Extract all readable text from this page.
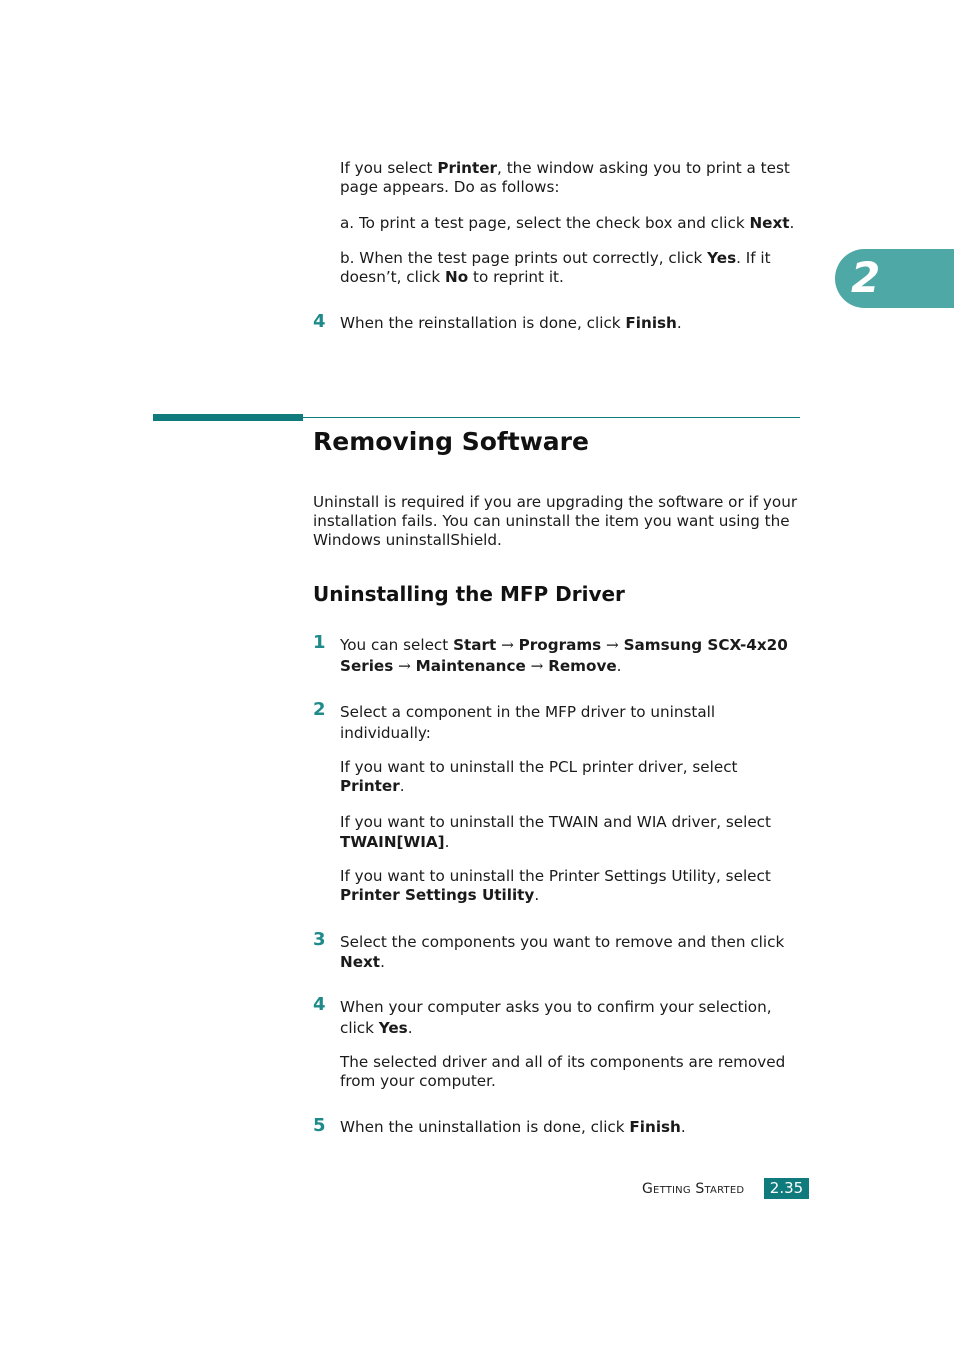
2

If you select Printer, the window asking you to print a test page appears. Do as follows:

a. To print a test page, select the check box and click Next.

b. When the test page prints out correctly, click Yes. If it doesn’t, click No to reprint it.

4 When the reinstallation is done, click Finish.

Removing Software

Uninstall is required if you are upgrading the software or if your installation fails. You can uninstall the item you want using the Windows uninstallShield.

Uninstalling the MFP Driver
1 You can select Start → Programs → Samsung SCX-4x20 Series → Maintenance → Remove.

2 Select a component in the MFP driver to uninstall individually:

If you want to uninstall the PCL printer driver, select Printer.

If you want to uninstall the TWAIN and WIA driver, select TWAIN[WIA].

If you want to uninstall the Printer Settings Utility, select Printer Settings Utility.

3 Select the components you want to remove and then click Next.

4 When your computer asks you to confirm your selection, click Yes.

The selected driver and all of its components are removed from your computer.

5 When the uninstallation is done, click Finish.

Getting Started	2.35
